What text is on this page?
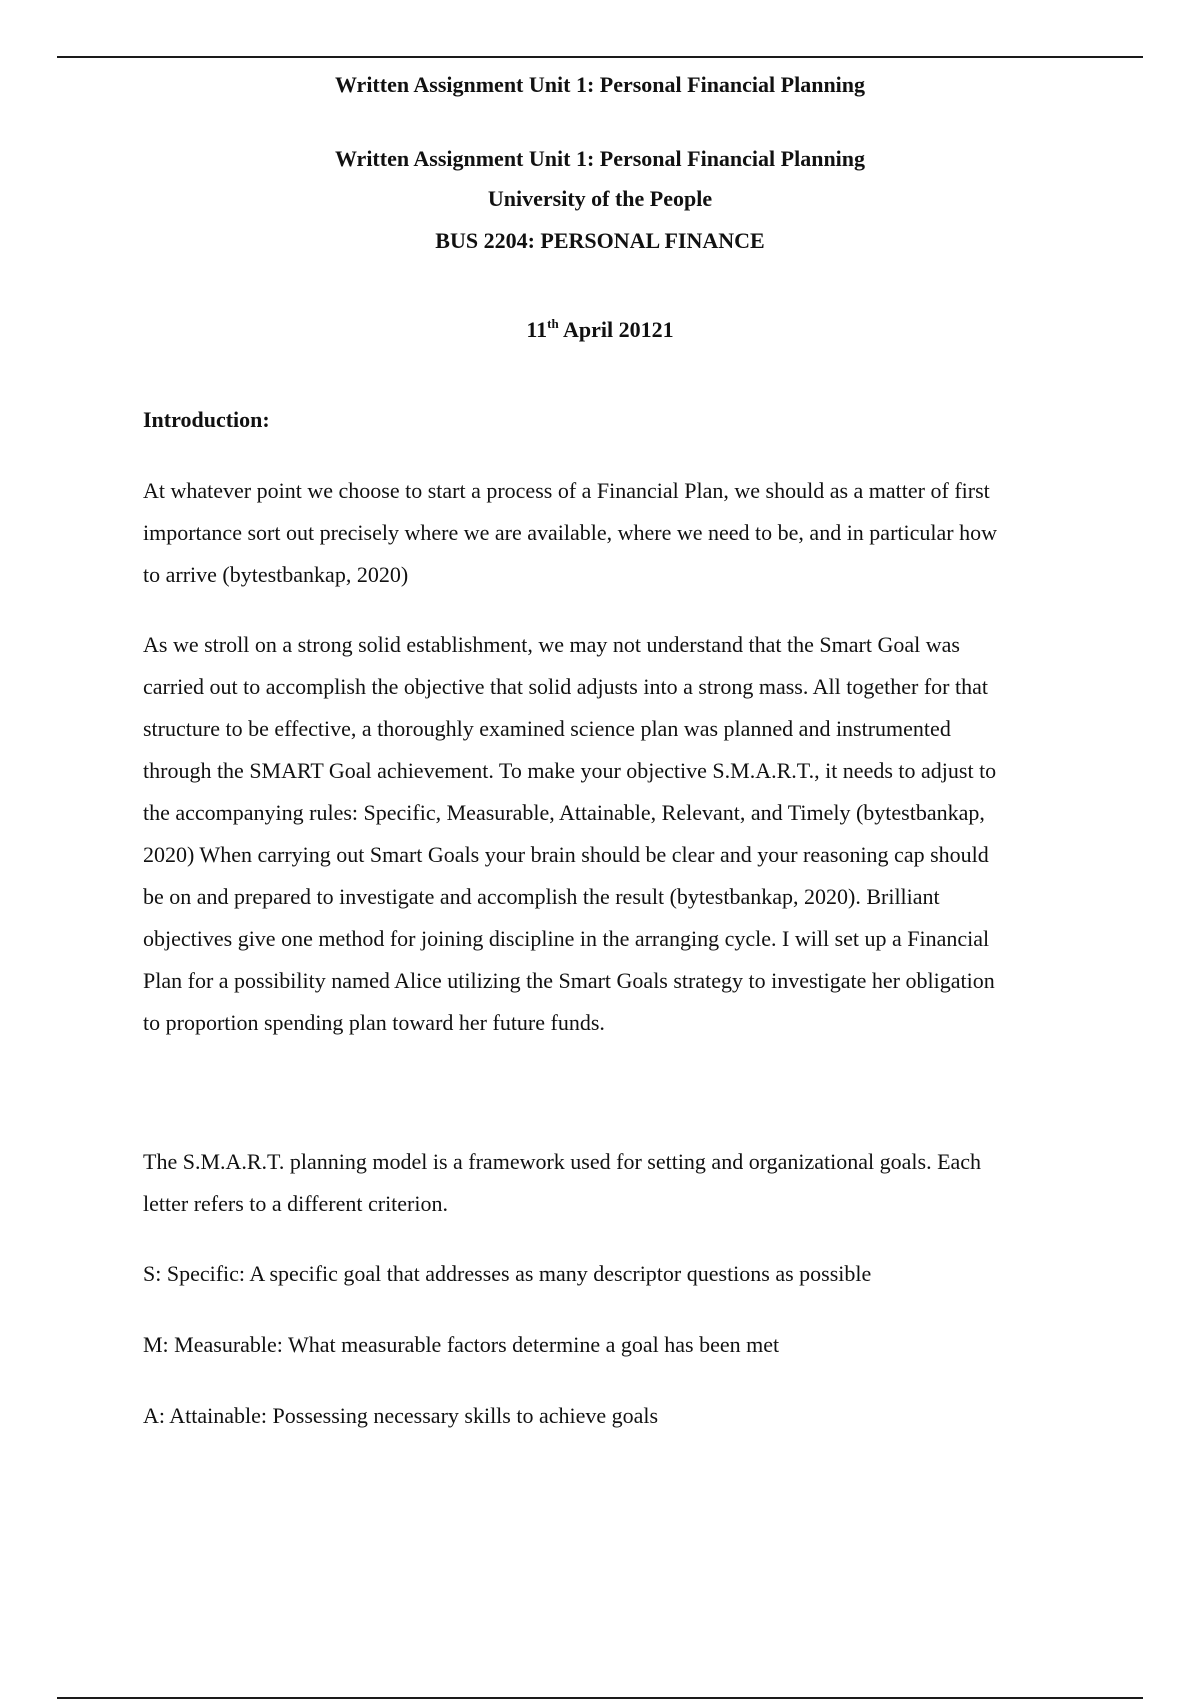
Written Assignment Unit 1: Personal Financial Planning
Written Assignment Unit 1: Personal Financial Planning
University of the People
BUS 2204: PERSONAL FINANCE
11th April 20121
Introduction:

At whatever point we choose to start a process of a Financial Plan, we should as a matter of first
importance sort out precisely where we are available, where we need to be, and in particular how
to arrive (bytestbankap, 2020)

As we stroll on a strong solid establishment, we may not understand that the Smart Goal was
carried out to accomplish the objective that solid adjusts into a strong mass. All together for that
structure to be effective, a thoroughly examined science plan was planned and instrumented
through the SMART Goal achievement. To make your objective S.M.A.R.T., it needs to adjust to
the accompanying rules: Specific, Measurable, Attainable, Relevant, and Timely (bytestbankap,
2020) When carrying out Smart Goals your brain should be clear and your reasoning cap should
be on and prepared to investigate and accomplish the result (bytestbankap, 2020). Brilliant
objectives give one method for joining discipline in the arranging cycle. I will set up a Financial
Plan for a possibility named Alice utilizing the Smart Goals strategy to investigate her obligation
to proportion spending plan toward her future funds.

The S.M.A.R.T. planning model is a framework used for setting and organizational goals. Each
letter refers to a different criterion.

S: Specific: A specific goal that addresses as many descriptor questions as possible

M: Measurable: What measurable factors determine a goal has been met

A: Attainable: Possessing necessary skills to achieve goals
